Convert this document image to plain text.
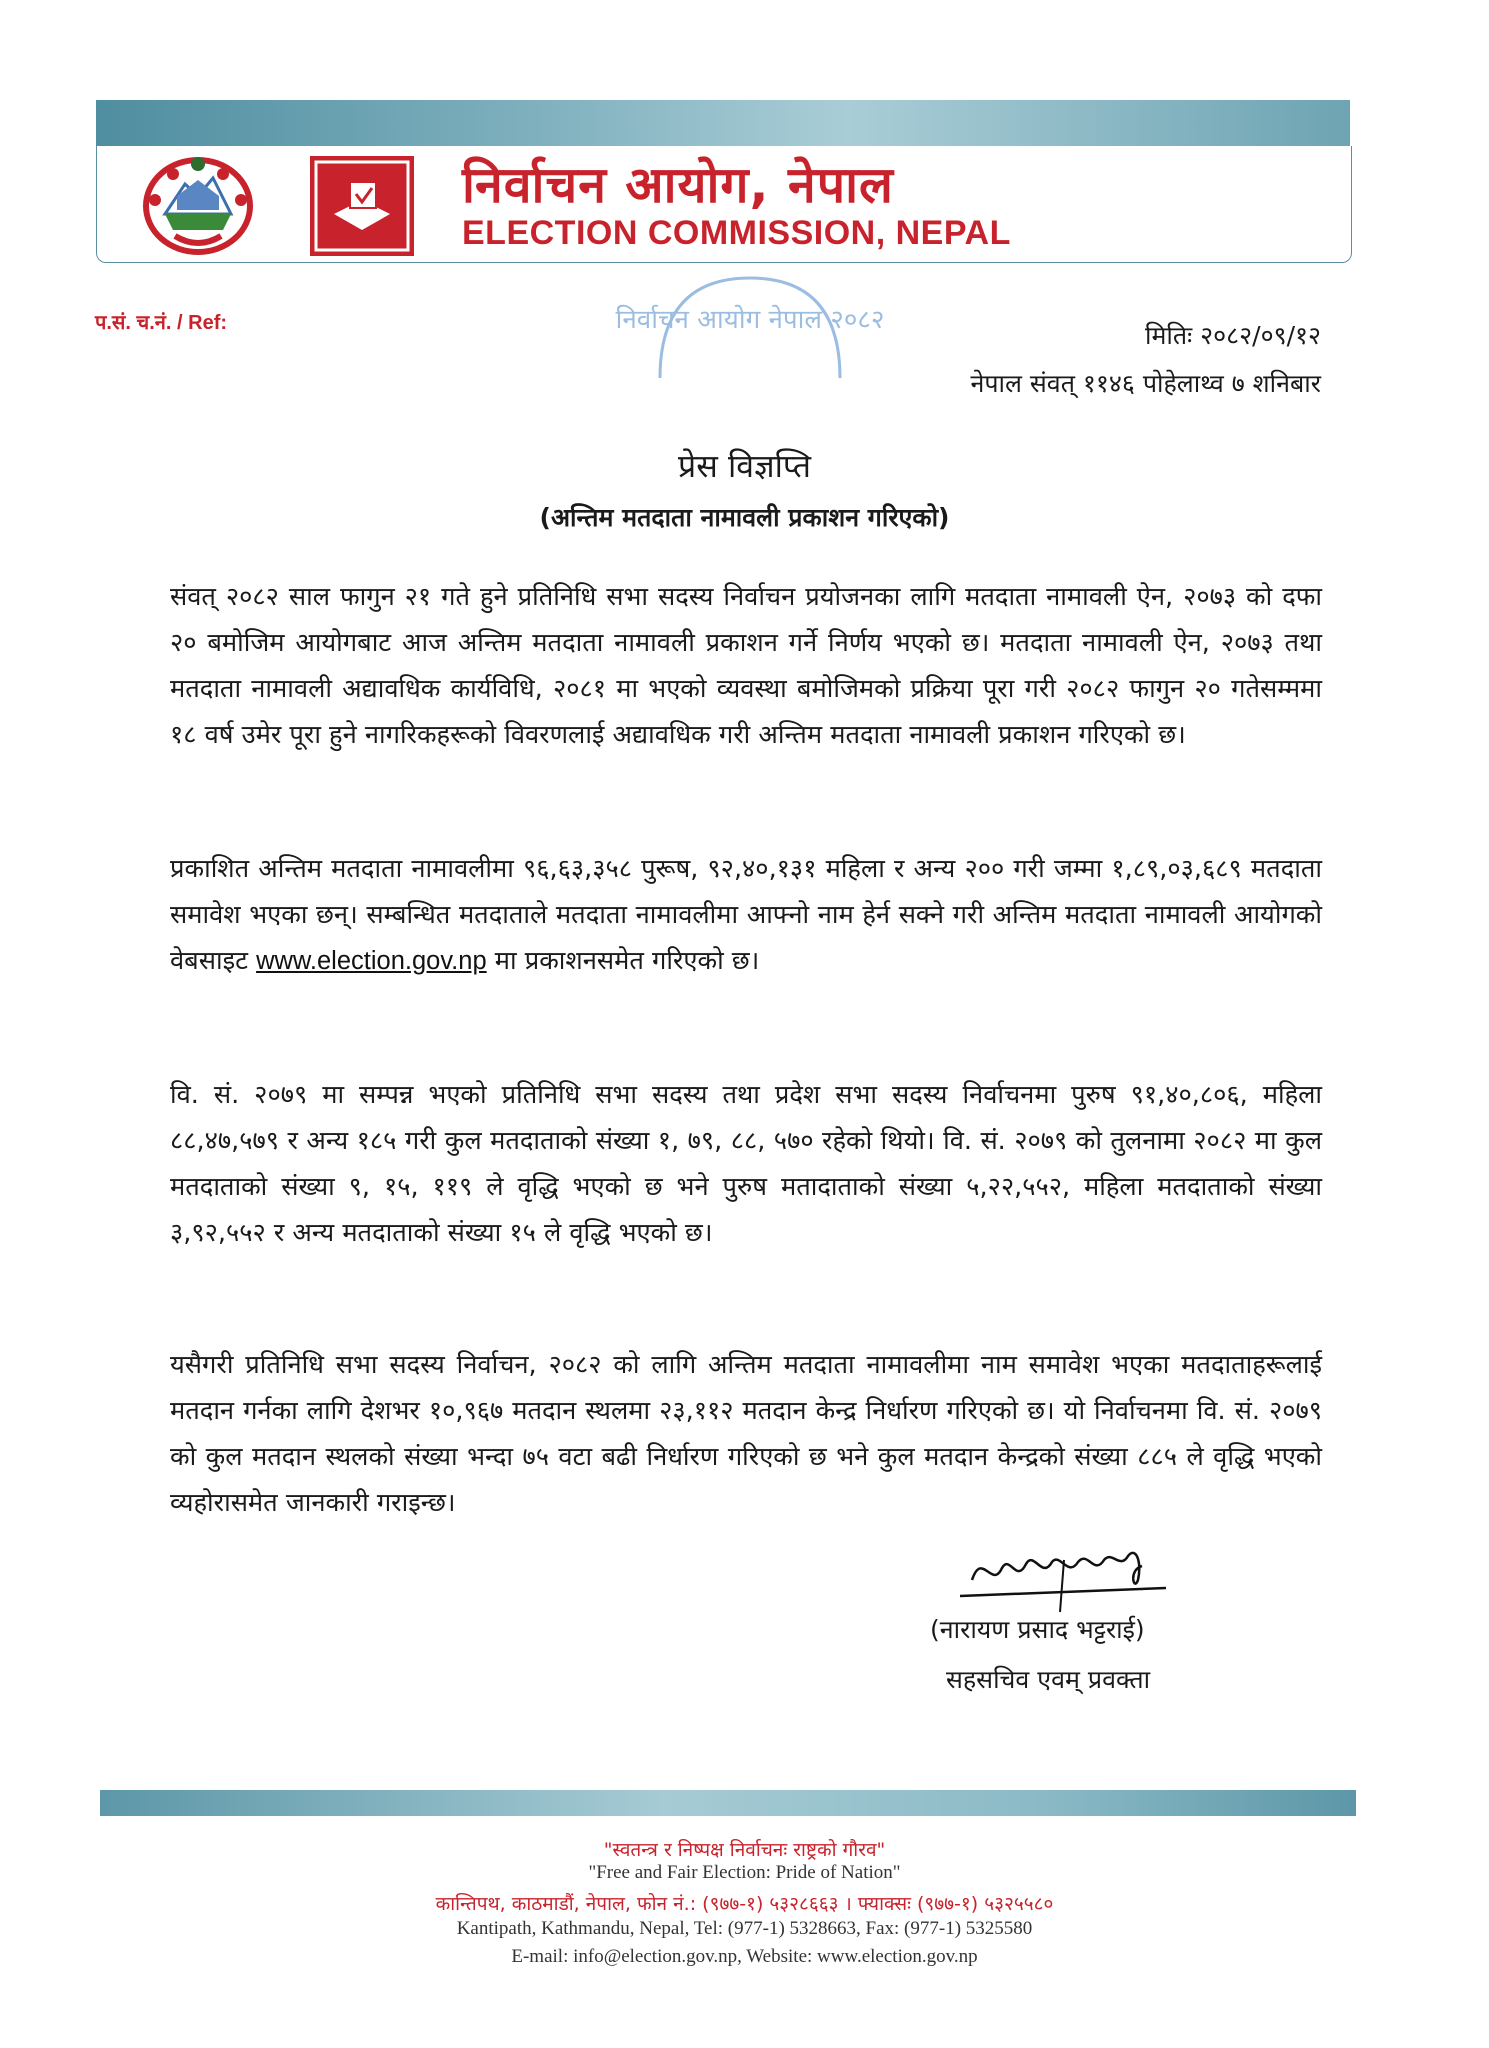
निर्वाचन आयोग, नेपाल
ELECTION COMMISSION, NEPAL
प.सं. च.नं. / Ref:	निर्वाचन आयोग नेपाल २०८२
मितिः २०८२/०९/१२
नेपाल संवत् ११४६ पोहेलाथ्व ७ शनिबार
प्रेस विज्ञप्ति
(अन्तिम मतदाता नामावली प्रकाशन गरिएको)
संवत् २०८२ साल फागुन २१ गते हुने प्रतिनिधि सभा सदस्य निर्वाचन प्रयोजनका लागि मतदाता नामावली ऐन, २०७३ को दफा २० बमोजिम आयोगबाट आज अन्तिम मतदाता नामावली प्रकाशन गर्ने निर्णय भएको छ। मतदाता नामावली ऐन, २०७३ तथा मतदाता नामावली अद्यावधिक कार्यविधि, २०८१ मा भएको व्यवस्था बमोजिमको प्रक्रिया पूरा गरी २०८२ फागुन २० गतेसम्ममा १८ वर्ष उमेर पूरा हुने नागरिकहरूको विवरणलाई अद्यावधिक गरी अन्तिम मतदाता नामावली प्रकाशन गरिएको छ।
प्रकाशित अन्तिम मतदाता नामावलीमा ९६,६३,३५८ पुरूष, ९२,४०,१३१ महिला र अन्य २०० गरी जम्मा १,८९,०३,६८९ मतदाता समावेश भएका छन्। सम्बन्धित मतदाताले मतदाता नामावलीमा आफ्नो नाम हेर्न सक्ने गरी अन्तिम मतदाता नामावली आयोगको वेबसाइट www.election.gov.np मा प्रकाशनसमेत गरिएको छ।
वि. सं. २०७९ मा सम्पन्न भएको प्रतिनिधि सभा सदस्य तथा प्रदेश सभा सदस्य निर्वाचनमा पुरुष ९१,४०,८०६, महिला ८८,४७,५७९ र अन्य १८५ गरी कुल मतदाताको संख्या १, ७९, ८८, ५७० रहेको थियो। वि. सं. २०७९ को तुलनामा २०८२ मा कुल मतदाताको संख्या ९, १५, ११९ ले वृद्धि भएको छ भने पुरुष मतादाताको संख्या ५,२२,५५२, महिला मतदाताको संख्या ३,९२,५५२ र अन्य मतदाताको संख्या १५ ले वृद्धि भएको छ।
यसैगरी प्रतिनिधि सभा सदस्य निर्वाचन, २०८२ को लागि अन्तिम मतदाता नामावलीमा नाम समावेश भएका मतदाताहरूलाई मतदान गर्नका लागि देशभर १०,९६७ मतदान स्थलमा २३,११२ मतदान केन्द्र निर्धारण गरिएको छ। यो निर्वाचनमा वि. सं. २०७९ को कुल मतदान स्थलको संख्या भन्दा ७५ वटा बढी निर्धारण गरिएको छ भने कुल मतदान केन्द्रको संख्या ८८५ ले वृद्धि भएको व्यहोरासमेत जानकारी गराइन्छ।
(नारायण प्रसाद भट्टराई)
सहसचिव एवम् प्रवक्ता
"स्वतन्त्र र निष्पक्ष निर्वाचनः राष्ट्रको गौरव"
"Free and Fair Election: Pride of Nation"
कान्तिपथ, काठमाडौं, नेपाल, फोन नं.: (९७७-१) ५३२८६६३ । फ्याक्सः (९७७-१) ५३२५५८०
Kantipath, Kathmandu, Nepal, Tel: (977-1) 5328663, Fax: (977-1) 5325580
E-mail: info@election.gov.np, Website: www.election.gov.np
